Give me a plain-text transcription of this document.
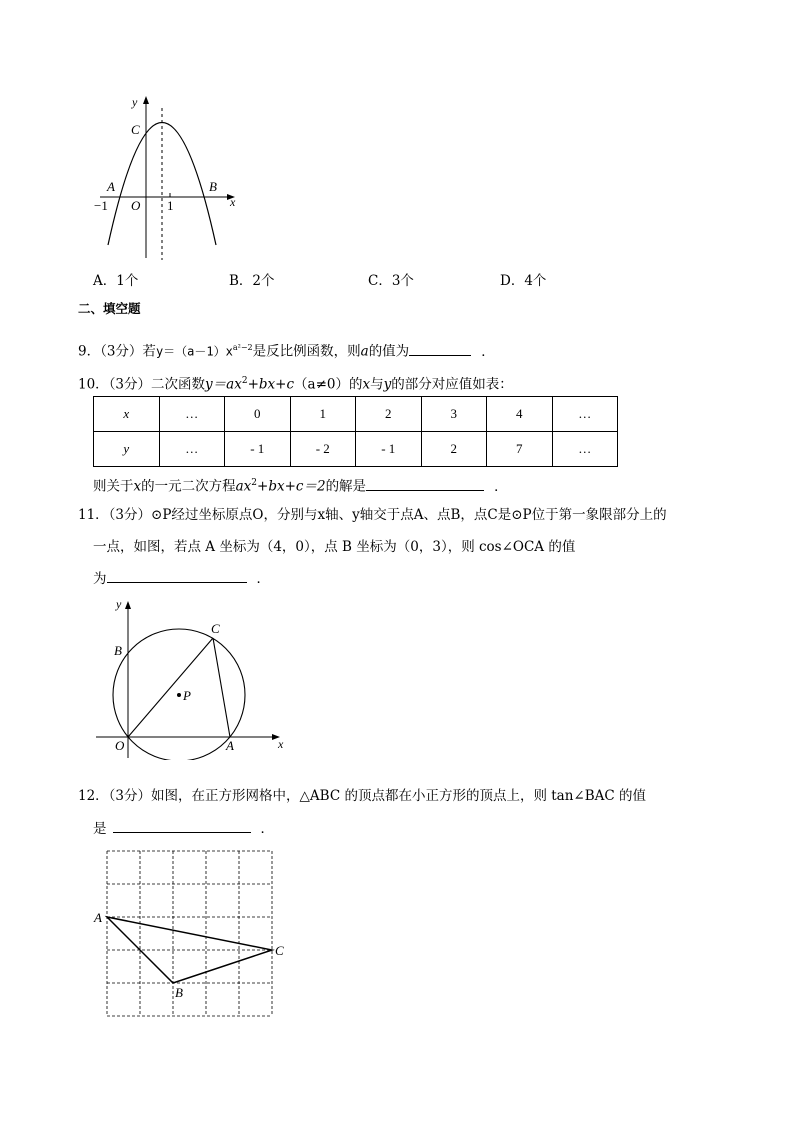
y
x
C
A	B
−1 O 1
A．1个	B．2个	C．3个	D．4个
二、填空题
9．（3分）若$y=(a-1)x^{a^2-2}$是反比例函数，则a的值为	．
10．（3分）二次函数$y=ax^2+bx+c(a\ne 0)$的x与y的部分对应值如表：
x	…	0	1	2	3	4	…
y	…	- 1	- 2	- 1	2	7	…
则关于x的一元二次方程$ax^2+bx+c=2$的解是	．
11．（3分）⊙P经过坐标原点O，分别与x轴、y轴交于点A、点B，点C是⊙P位于第一象限部分上的
一点，如图，若点 A 坐标为（4，0），点 B 坐标为（0，3），则 cos∠OCA 的值
为	．
y
x
B
C
P
O	A
12．（3分）如图，在正方形网格中，△ABC 的顶点都在小正方形的顶点上，则 tan∠BAC 的值
是	．
A
B
C
